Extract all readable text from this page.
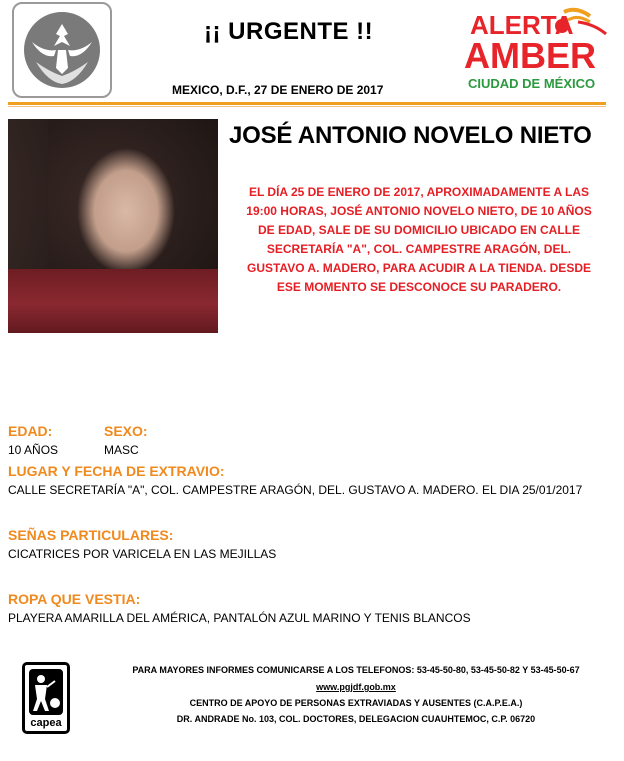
¡¡ URGENTE !!
MEXICO, D.F., 27 DE ENERO DE 2017
ALERTA
AMBER
CIUDAD DE MÉXICO
JOSÉ ANTONIO NOVELO NIETO
EL DÍA 25 DE ENERO DE 2017, APROXIMADAMENTE A LAS
19:00 HORAS, JOSÉ ANTONIO NOVELO NIETO, DE 10 AÑOS
DE EDAD, SALE DE SU DOMICILIO UBICADO EN CALLE
SECRETARÍA "A", COL. CAMPESTRE ARAGÓN, DEL.
GUSTAVO A. MADERO, PARA ACUDIR A LA TIENDA. DESDE
ESE MOMENTO SE DESCONOCE SU PARADERO.
EDAD:	SEXO:
10 AÑOS	MASC
LUGAR Y FECHA DE EXTRAVIO:
CALLE SECRETARÍA "A", COL. CAMPESTRE ARAGÓN, DEL. GUSTAVO A. MADERO. EL DIA 25/01/2017
SEÑAS PARTICULARES:
CICATRICES POR VARICELA EN LAS MEJILLAS
ROPA QUE VESTIA:
PLAYERA AMARILLA DEL AMÉRICA, PANTALÓN AZUL MARINO Y TENIS BLANCOS
capea
PARA MAYORES INFORMES COMUNICARSE A LOS TELEFONOS: 53-45-50-80, 53-45-50-82 Y 53-45-50-67
www.pgjdf.gob.mx
CENTRO DE APOYO DE PERSONAS EXTRAVIADAS Y AUSENTES (C.A.P.E.A.)
DR. ANDRADE No. 103, COL. DOCTORES, DELEGACION CUAUHTEMOC, C.P. 06720
